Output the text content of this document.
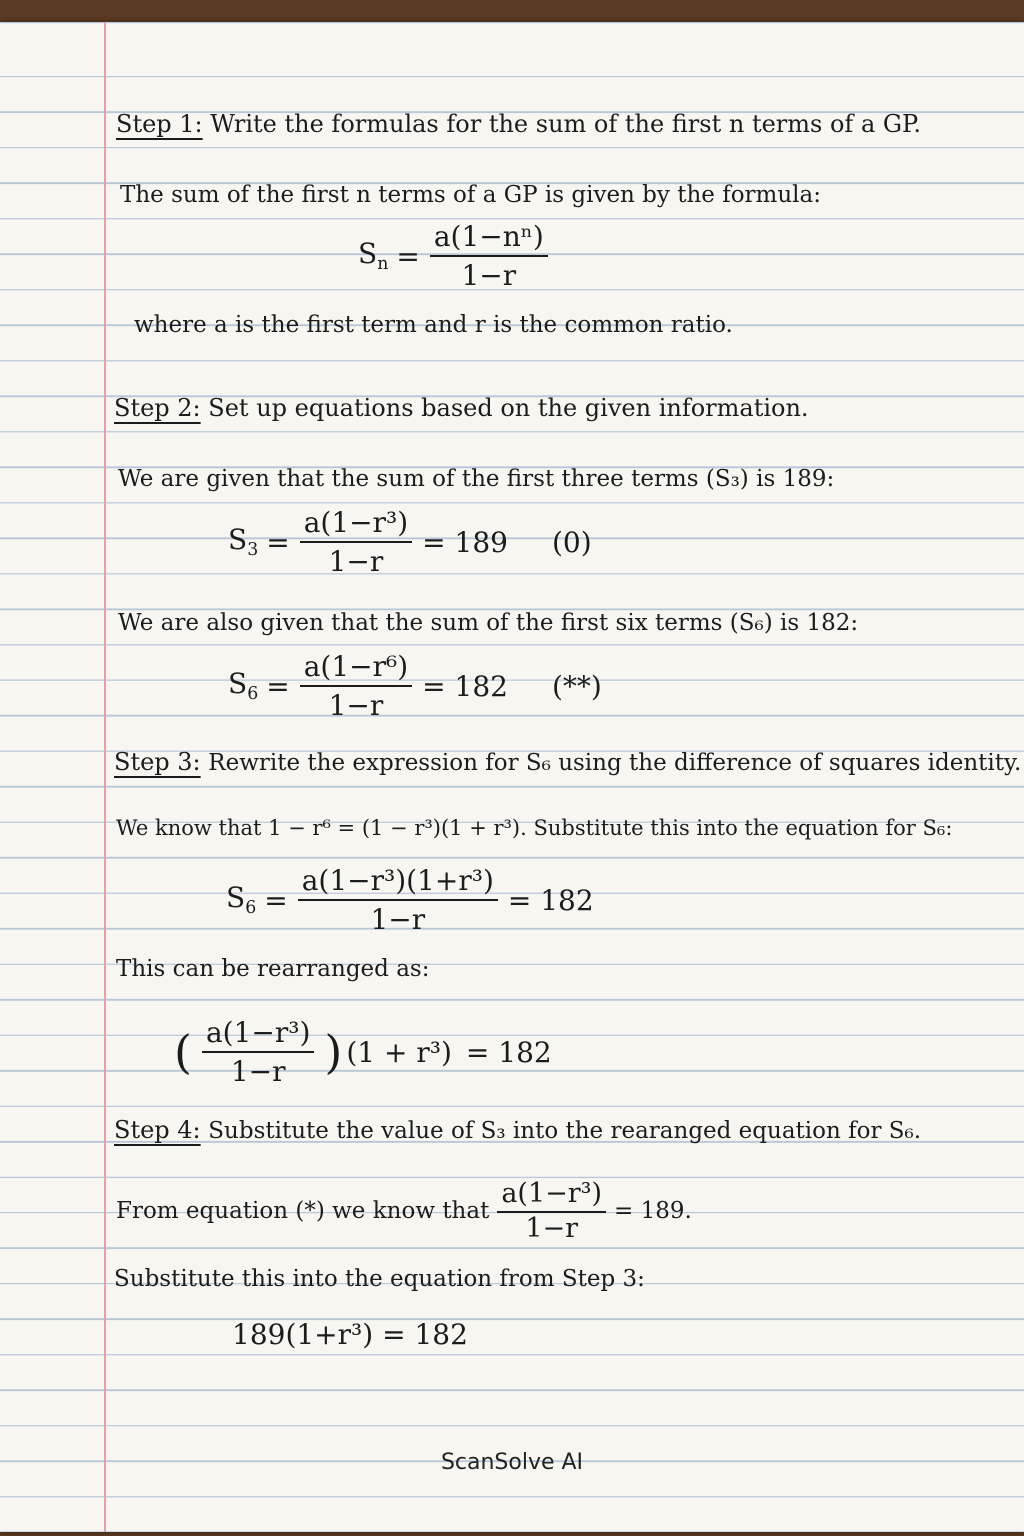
Step 1: Write the formulas for the sum of the first n terms of a GP.
The sum of the first n terms of a GP is given by the formula:
$S_n = \frac{\text{a(1−nⁿ)}}{1-r}$
where a is the first term and r is the common ratio.
Step 2: Set up equations based on the given information.
We are given that the sum of the first three terms (S₃) is 189:
$S_3 = \frac{\text{a(1−r³)}}{1-r} = 189$ (0)
We are also given that the sum of the first six terms (S₆) is 182:
$S_6 = \frac{\text{a(1−r⁶)}}{1-r} = 182$ (**)
Step 3: Rewrite the expression for S₆ using the difference of squares identity.
We know that 1 − r⁶ = (1 − r³)(1 + r³). Substitute this into the equation for S₆:
$S_6 = \frac{\text{a(1−r³)(1+r³)}}{1-r} = 182$
This can be rearranged as:
( $\frac{\text{a(1−r³)}}{1-r}$ ) (1 + r³) = 182
Step 4: Substitute the value of S₃ into the rearanged equation for S₆.
From equation (*) we know that $\frac{\text{a(1−r³)}}{1-r} = 189$.
Substitute this into the equation from Step 3:
189(1+r³) = 182
ScanSolve AI
